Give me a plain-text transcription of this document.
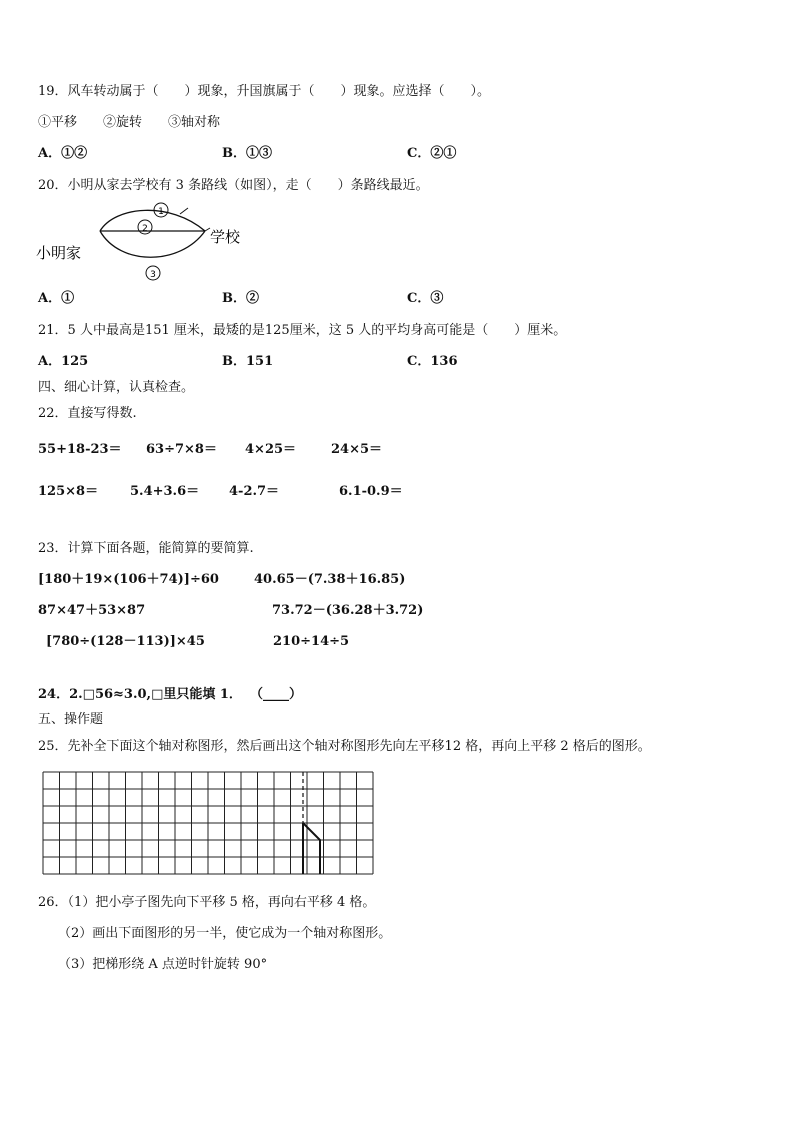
19．风车转动属于（　　）现象，升国旗属于（　　）现象。应选择（　　）。
①平移　　②旋转　　③轴对称
A．①②	B．①③	C．②①
20．小明从家去学校有 3 条路线（如图），走（　　）条路线最近。
1
2
3
小明家
学校
A．①	B．②	C．③
21．5 人中最高是151 厘米，最矮的是125厘米，这 5 人的平均身高可能是（　　）厘米。
A．125	B．151	C．136
四、细心计算，认真检查。
22．直接写得数.
55+18-23＝ 63÷7×8＝ 4×25＝	24×5＝
125×8＝ 5.4+3.6＝ 4-2.7＝	6.1-0.9＝
23．计算下面各题，能简算的要简算.
[180＋19×(106＋74)]÷60	40.65－(7.38＋16.85)
87×47＋53×87	73.72－(36.28＋3.72)
[780÷(128－113)]×45	210÷14÷5
24．2.□56≈3.0,□里只能填 1． （____）
五、操作题
25．先补全下面这个轴对称图形，然后画出这个轴对称图形先向左平移12 格，再向上平移 2 格后的图形。
26．（1）把小亭子图先向下平移 5 格，再向右平移 4 格。
（2）画出下面图形的另一半，使它成为一个轴对称图形。
（3）把梯形绕 A 点逆时针旋转 90°
